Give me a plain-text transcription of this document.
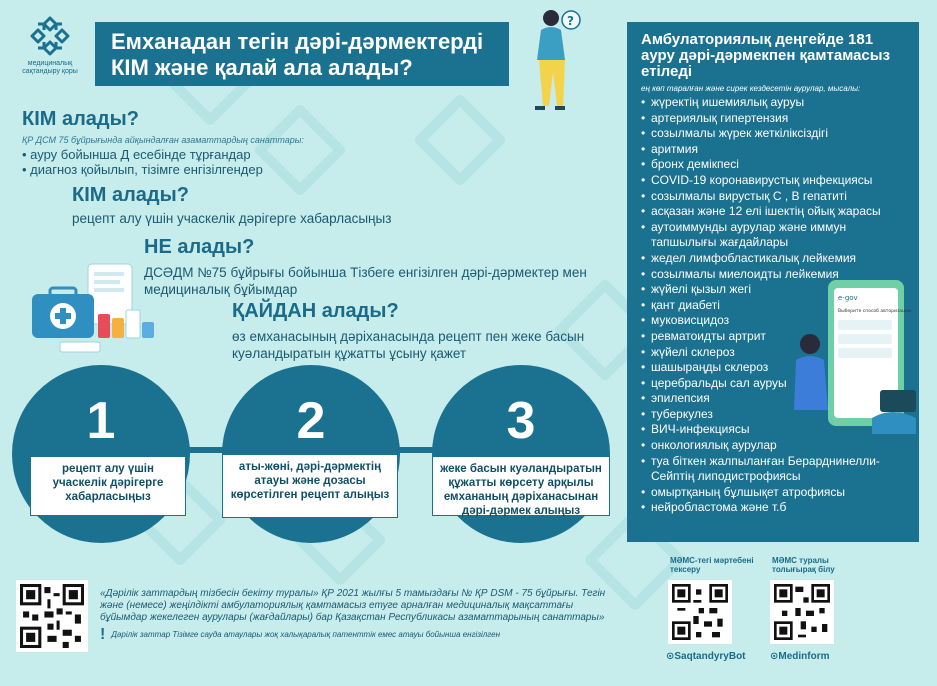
медициналық сақтандыру қоры
Емханадан тегін дәрі-дәрмектерді КІМ және қалай ала алады?
?
КІМ алады?
ҚР ДСМ 75 бұйрығында айқындалған азаматтардың санаттары:
• ауру бойынша Д есебінде тұрғандар
• диагноз қойылып, тізімге енгізілгендер
КІМ алады?
рецепт алу үшін учаскелік дәрігерге хабарласыңыз
НЕ алады?
ДСӘДМ №75 бұйрығы бойынша Тізбеге енгізілген дәрі-дәрмектер мен медициналық бұйымдар
ҚАЙДАН алады?
өз емханасының дәріханасында рецепт пен жеке басын куәландыратын құжатты ұсыну қажет
1	2	3
рецепт алу үшін учаскелік дәрігерге хабарласыңыз
аты-жөні, дәрі-дәрмектің атауы және дозасы көрсетілген рецепт алыңыз
жеке басын куәландыратын құжатты көрсету арқылы емхананың дәріханасынан дәрі-дәрмек алыңыз
«Дәрілік заттардың тізбесін бекіту туралы» ҚР 2021 жылғы 5 тамыздағы № ҚР DSM - 75 бұйрығы. Тегін және (немесе) жеңілдікті амбулаториялық қамтамасыз етуге арналған медициналық мақсаттағы бұйымдар жекелеген аурулары (жағдайлары) бар Қазақстан Республикасы азаматтарының санаттары»
! Дәрілік заттар Тізімге сауда атаулары жоқ халықаралық патенттік емес атауы бойынша енгізілген
Амбулаториялық деңгейде 181 ауру дәрі-дәрмекпен қамтамасыз етіледі
ең көп таралған және сирек кездесетін аурулар, мысалы:
• жүректің ишемиялық ауруы
• артериялық гипертензия
• созылмалы жүрек жеткіліксіздігі
• аритмия
• бронх демікпесі
• COVID-19 коронавирустық инфекциясы
• созылмалы вирустық С , В гепатиті
• асқазан және 12 елі ішектің ойық жарасы
• аутоиммунды аурулар және иммун тапшылығы жағдайлары
• жедел лимфобластикалық лейкемия
• созылмалы миелоидты лейкемия
• жүйелі қызыл жегі
• қант диабеті
• муковисцидоз
• ревматоидты артрит
• жүйелі склероз
• шашыраңды склероз
• церебральды сал ауруы
• эпилепсия
• туберкулез
• ВИЧ-инфекциясы
• онкологиялық аурулар
• туа біткен жалпыланған Берарднинелли-Сейптің липодистрофиясы
• омыртқаның бұлшықет атрофиясы
• нейробластома және т.б
e-gov
Выберите способ авторизации
МӘМС-тегі мәртебені тексеру
⊙SaqtandyryBot
МӘМС туралы толығырақ білу
⊙Medinform
